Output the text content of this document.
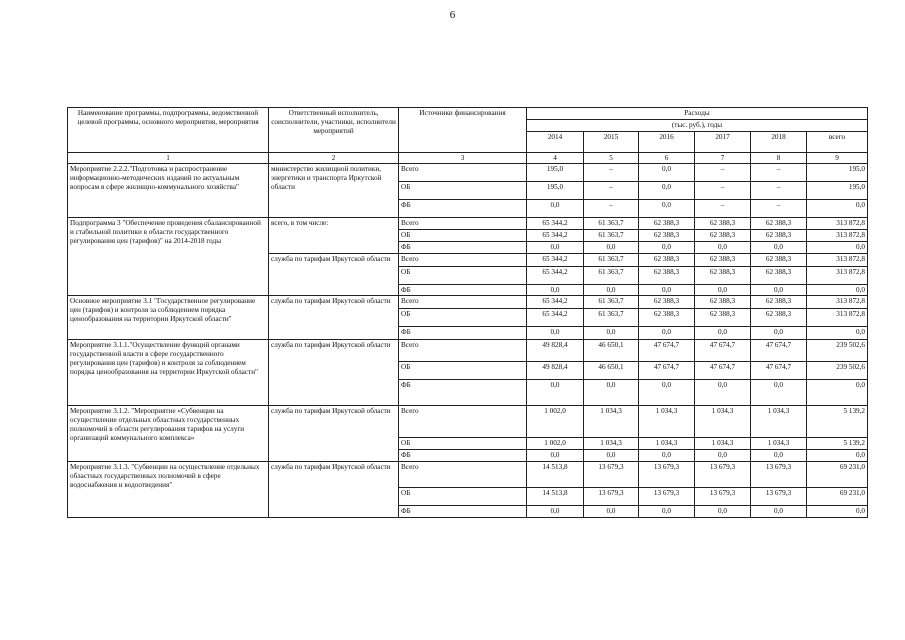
6
Наименование программы, подпрограммы, ведомственной целевой программы, основного мероприятия, мероприятия	Ответственный исполнитель, соисполнители, участники, исполнители мероприятий	Источники финансирования	Расходы					
			(тыс. руб.), годы					
			2014	2015	2016	2017	2018	всего
1	2	3	4	5	6	7	8	9
Мероприятие 2.2.2."Подготовка и распространение информационно-методических изданий по актуальным вопросам в сфере жилищно-коммунального хозяйства"	министерство жилищной политики, энергетики и транспорта Иркутской области	Всего	195,0	–	0,0	–	–	195,0
		ОБ	195,0	–	0,0	–	–	195,0
		ФБ	0,0	–	0,0	–	–	0,0
Подпрограмма 3 "Обеспечение проведения сбалансированной и стабильной политики в области государственного регулирования цен (тарифов)" на 2014-2018 годы	всего, в том числе:	Всего	65 344,2	61 363,7	62 388,3	62 388,3	62 388,3	313 872,8
		ОБ	65 344,2	61 363,7	62 388,3	62 388,3	62 388,3	313 872,8
		ФБ	0,0	0,0	0,0	0,0	0,0	0,0
	служба по тарифам Иркутской области	Всего	65 344,2	61 363,7	62 388,3	62 388,3	62 388,3	313 872,8
		ОБ	65 344,2	61 363,7	62 388,3	62 388,3	62 388,3	313 872,8
		ФБ	0,0	0,0	0,0	0,0	0,0	0,0
Основное мероприятие 3.1 "Государственное регулирование цен (тарифов) и контроля за соблюдением порядка ценообразования на территории Иркутской области"	служба по тарифам Иркутской области	Всего	65 344,2	61 363,7	62 388,3	62 388,3	62 388,3	313 872,8
		ОБ	65 344,2	61 363,7	62 388,3	62 388,3	62 388,3	313 872,8
		ФБ	0,0	0,0	0,0	0,0	0,0	0,0
Мероприятие 3.1.1."Осуществление функций органами государственной власти в сфере государственного регулирования цен (тарифов) и контроля за соблюдением порядка ценообразования на территории Иркутской области"	служба по тарифам Иркутской области	Всего	49 828,4	46 650,1	47 674,7	47 674,7	47 674,7	239 502,6
		ОБ	49 828,4	46 650,1	47 674,7	47 674,7	47 674,7	239 502,6
		ФБ	0,0	0,0	0,0	0,0	0,0	0,0
Мероприятие 3.1.2. "Мероприятие «Субвенции на осуществление отдельных областных государственных полномочий в области регулирования тарифов на услуги организаций коммунального комплекса»	служба по тарифам Иркутской области	Всего	1 002,0	1 034,3	1 034,3	1 034,3	1 034,3	5 139,2
		ОБ	1 002,0	1 034,3	1 034,3	1 034,3	1 034,3	5 139,2
		ФБ	0,0	0,0	0,0	0,0	0,0	0,0
Мероприятие 3.1.3. "Субвенции на осуществление отдельных областных государственных полномочий в сфере водоснабжения и водоотведения"	служба по тарифам Иркутской области	Всего	14 513,8	13 679,3	13 679,3	13 679,3	13 679,3	69 231,0
		ОБ	14 513,8	13 679,3	13 679,3	13 679,3	13 679,3	69 231,0
		ФБ	0,0	0,0	0,0	0,0	0,0	0,0
